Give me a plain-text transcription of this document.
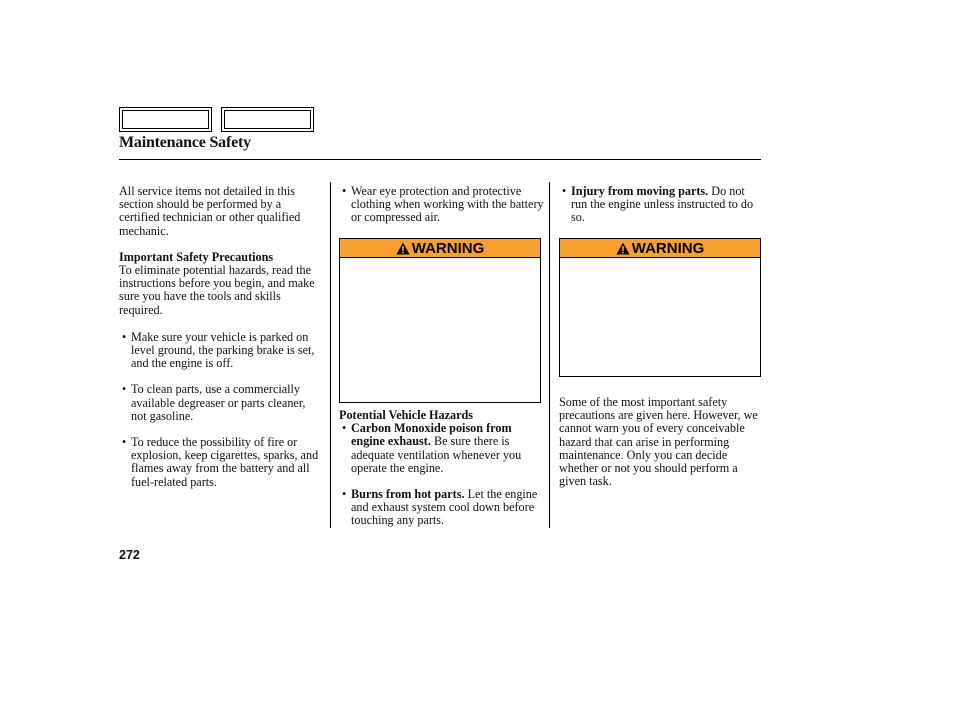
Maintenance Safety

All service items not detailed in this section should be performed by a certified technician or other qualified mechanic.

Important Safety Precautions

To eliminate potential hazards, read the instructions before you begin, and make sure you have the tools and skills required.

• Make sure your vehicle is parked on level ground, the parking brake is set, and the engine is off.

• To clean parts, use a commercially available degreaser or parts cleaner, not gasoline.

• To reduce the possibility of fire or explosion, keep cigarettes, sparks, and flames away from the battery and all fuel-related parts.

• Wear eye protection and protective clothing when working with the battery or compressed air.

WARNING

Potential Vehicle Hazards

• Carbon Monoxide poison from engine exhaust. Be sure there is adequate ventilation whenever you operate the engine.

• Burns from hot parts. Let the engine and exhaust system cool down before touching any parts.

• Injury from moving parts. Do not run the engine unless instructed to do so.

WARNING

Some of the most important safety precautions are given here. However, we cannot warn you of every conceivable hazard that can arise in performing maintenance. Only you can decide whether or not you should perform a given task.

272
